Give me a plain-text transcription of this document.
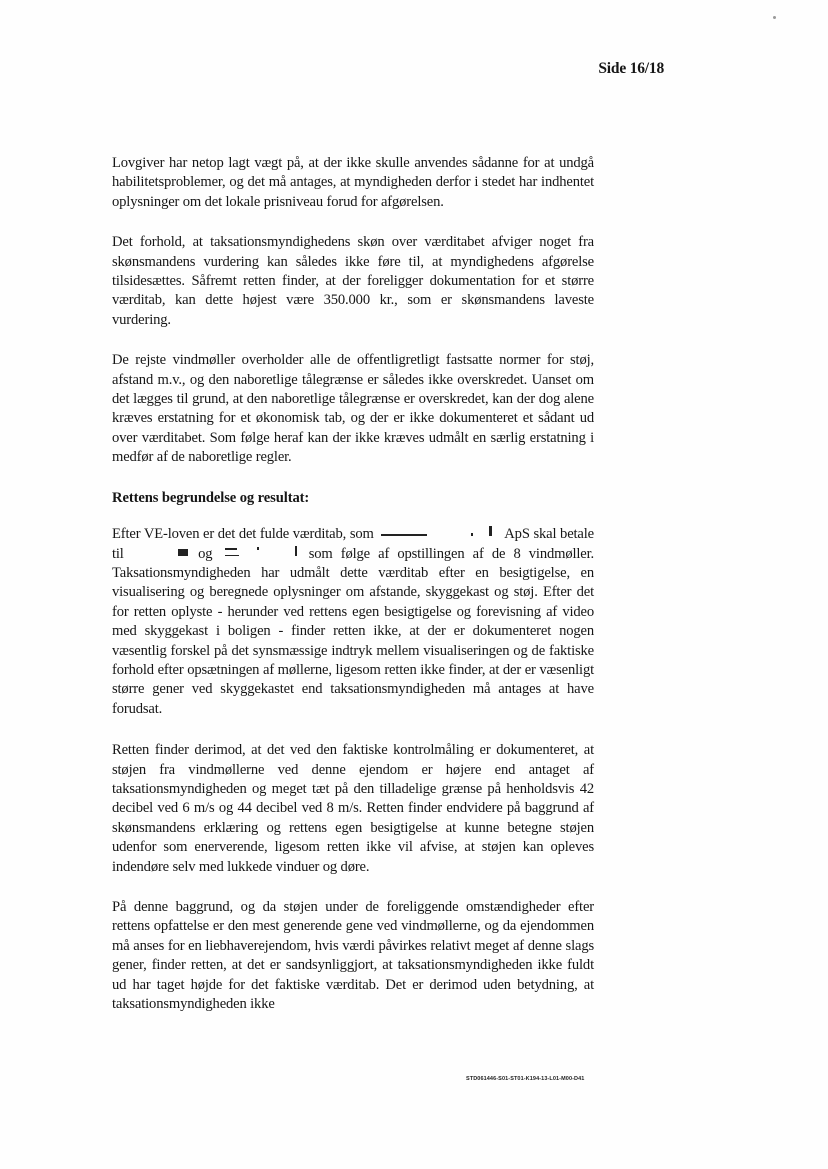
Side 16/18

Lovgiver har netop lagt vægt på, at der ikke skulle anvendes sådanne for at undgå habilitetsproblemer, og det må antages, at myndigheden derfor i stedet har indhentet oplysninger om det lokale prisniveau forud for afgørelsen.

Det forhold, at taksationsmyndighedens skøn over værditabet afviger noget fra skønsmandens vurdering kan således ikke føre til, at myndighedens afgørelse tilsidesættes. Såfremt retten finder, at der foreligger dokumentation for et større værditab, kan dette højest være 350.000 kr., som er skønsmandens laveste vurdering.

De rejste vindmøller overholder alle de offentligretligt fastsatte normer for støj, afstand m.v., og den naboretlige tålegrænse er således ikke overskredet. Uanset om det lægges til grund, at den naboretlige tålegrænse er overskredet, kan der dog alene kræves erstatning for et økonomisk tab, og der er ikke dokumenteret et sådant ud over værditabet. Som følge heraf kan der ikke kræves udmålt en særlig erstatning i medfør af de naboretlige regler.

Rettens begrundelse og resultat:

Efter VE-loven er det det fulde værditab, som	ApS skal betale til	og	som følge af opstillingen af de 8 vindmøller. Taksationsmyndigheden har udmålt dette værditab efter en besigtigelse, en visualisering og beregnede oplysninger om afstande, skyggekast og støj. Efter det for retten oplyste - herunder ved rettens egen besigtigelse og forevisning af video med skyggekast i boligen - finder retten ikke, at der er dokumenteret nogen væsentlig forskel på det synsmæssige indtryk mellem visualiseringen og de faktiske forhold efter opsætningen af møllerne, ligesom retten ikke finder, at der er væsenligt større gener ved skyggekastet end taksationsmyndigheden må antages at have forudsat.

Retten finder derimod, at det ved den faktiske kontrolmåling er dokumenteret, at støjen fra vindmøllerne ved denne ejendom er højere end antaget af taksationsmyndigheden og meget tæt på den tilladelige grænse på henholdsvis 42 decibel ved 6 m/s og 44 decibel ved 8 m/s. Retten finder endvidere på baggrund af skønsmandens erklæring og rettens egen besigtigelse at kunne betegne støjen udenfor som enerverende, ligesom retten ikke vil afvise, at støjen kan opleves indendøre selv med lukkede vinduer og døre.

På denne baggrund, og da støjen under de foreliggende omstændigheder efter rettens opfattelse er den mest generende gene ved vindmøllerne, og da ejendommen må anses for en liebhaverejendom, hvis værdi påvirkes relativt meget af denne slags gener, finder retten, at det er sandsynliggjort, at taksationsmyndigheden ikke fuldt ud har taget højde for det faktiske værditab. Det er derimod uden betydning, at taksationsmyndigheden ikke

STD061446-S01-ST01-K194-13-L01-M00-D41
